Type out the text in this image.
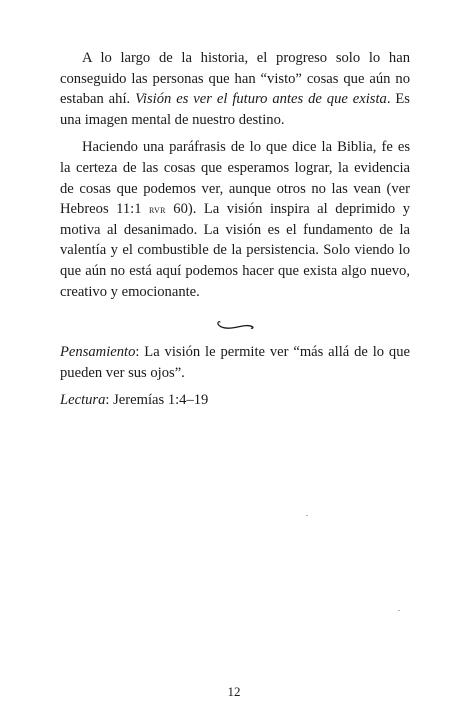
A lo largo de la historia, el progreso solo lo han conseguido las personas que han “visto” cosas que aún no estaban ahí. Visión es ver el futuro antes de que exista. Es una imagen mental de nuestro destino.

Haciendo una paráfrasis de lo que dice la Biblia, fe es la certeza de las cosas que esperamos lograr, la evidencia de cosas que podemos ver, aunque otros no las vean (ver Hebreos 11:1 rvr 60). La visión inspira al deprimido y motiva al desanimado. La visión es el fundamento de la valentía y el combustible de la persistencia. Solo viendo lo que aún no está aquí podemos hacer que exista algo nuevo, creativo y emocionante.

Pensamiento: La visión le permite ver “más allá de lo que pueden ver sus ojos”.

Lectura: Jeremías 1:4–19

12
